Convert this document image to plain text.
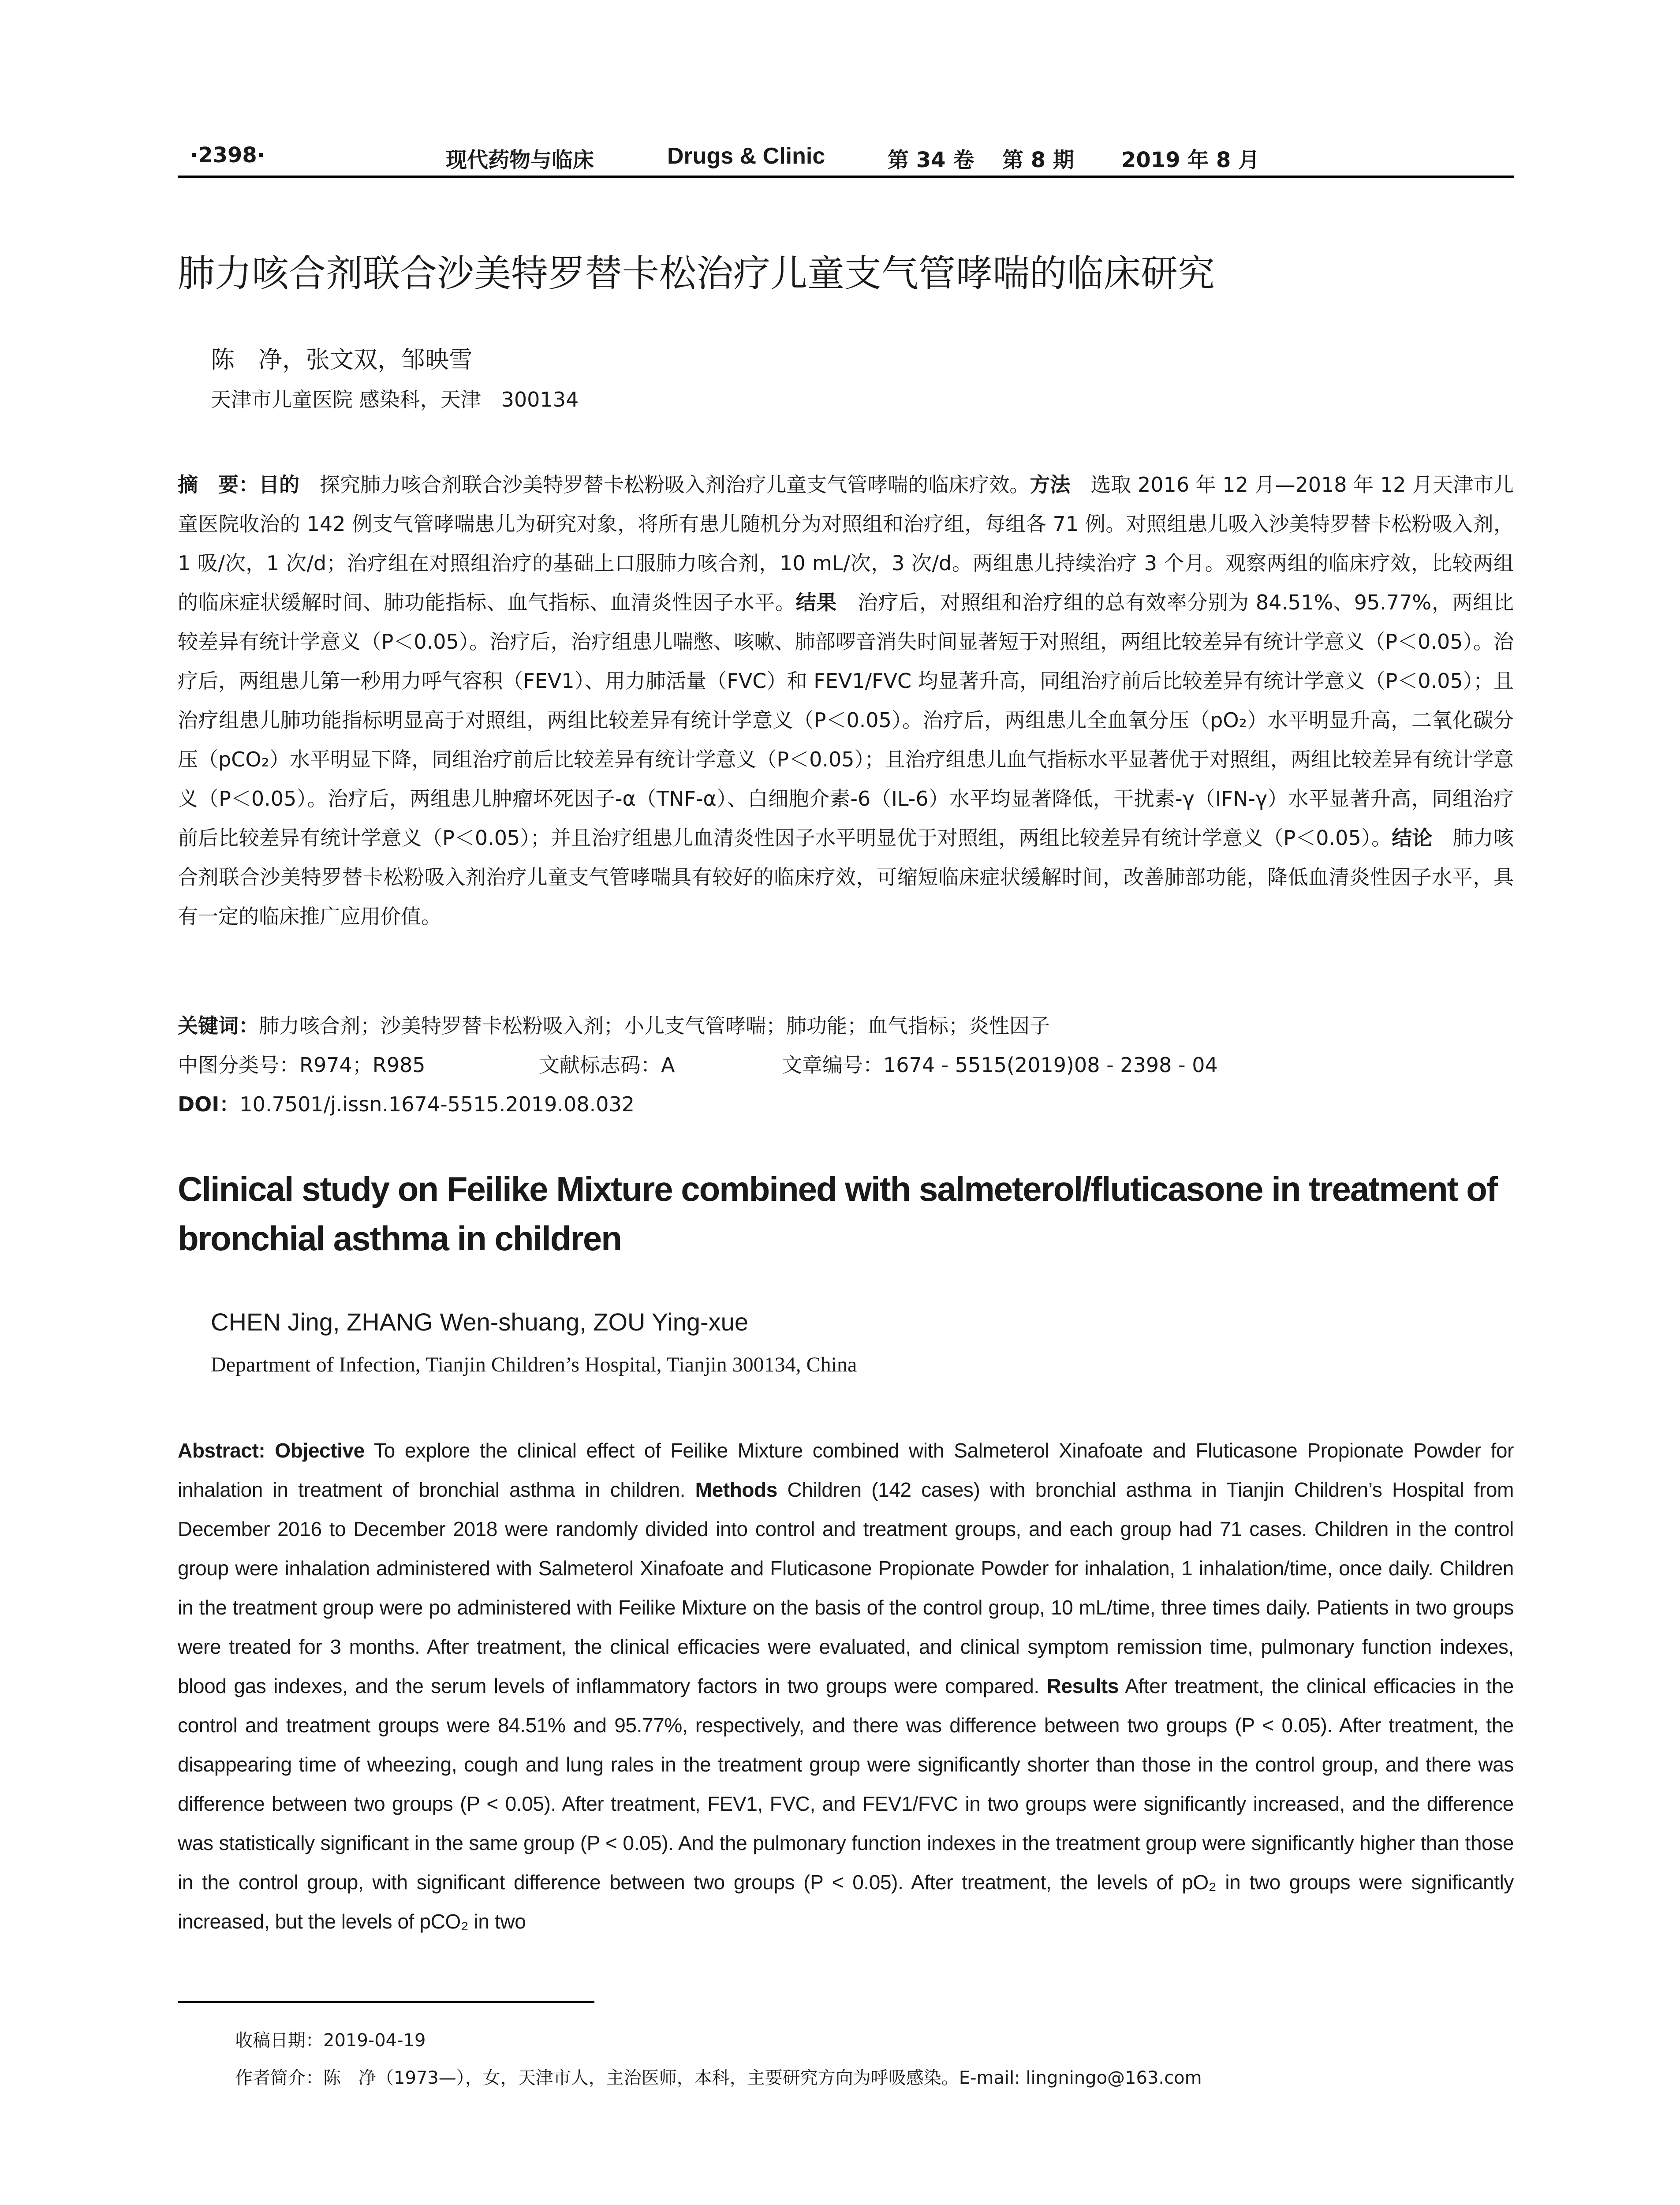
·2398·	现代药物与临床	Drugs & Clinic	第 34 卷 第 8 期 2019 年 8 月
肺力咳合剂联合沙美特罗替卡松治疗儿童支气管哮喘的临床研究
陈　净，张文双，邹映雪
天津市儿童医院 感染科，天津　300134

摘　要：目的　探究肺力咳合剂联合沙美特罗替卡松粉吸入剂治疗儿童支气管哮喘的临床疗效。方法　选取 2016 年 12 月—2018 年 12 月天津市儿童医院收治的 142 例支气管哮喘患儿为研究对象，将所有患儿随机分为对照组和治疗组，每组各 71 例。对照组患儿吸入沙美特罗替卡松粉吸入剂，1 吸/次，1 次/d；治疗组在对照组治疗的基础上口服肺力咳合剂，10 mL/次，3 次/d。两组患儿持续治疗 3 个月。观察两组的临床疗效，比较两组的临床症状缓解时间、肺功能指标、血气指标、血清炎性因子水平。结果　治疗后，对照组和治疗组的总有效率分别为 84.51%、95.77%，两组比较差异有统计学意义（P＜0.05）。治疗后，治疗组患儿喘憋、咳嗽、肺部啰音消失时间显著短于对照组，两组比较差异有统计学意义（P＜0.05）。治疗后，两组患儿第一秒用力呼气容积（FEV1）、用力肺活量（FVC）和 FEV1/FVC 均显著升高，同组治疗前后比较差异有统计学意义（P＜0.05）；且治疗组患儿肺功能指标明显高于对照组，两组比较差异有统计学意义（P＜0.05）。治疗后，两组患儿全血氧分压（pO₂）水平明显升高，二氧化碳分压（pCO₂）水平明显下降，同组治疗前后比较差异有统计学意义（P＜0.05）；且治疗组患儿血气指标水平显著优于对照组，两组比较差异有统计学意义（P＜0.05）。治疗后，两组患儿肿瘤坏死因子-α（TNF-α）、白细胞介素-6（IL-6）水平均显著降低，干扰素-γ（IFN-γ）水平显著升高，同组治疗前后比较差异有统计学意义（P＜0.05）；并且治疗组患儿血清炎性因子水平明显优于对照组，两组比较差异有统计学意义（P＜0.05）。结论　肺力咳合剂联合沙美特罗替卡松粉吸入剂治疗儿童支气管哮喘具有较好的临床疗效，可缩短临床症状缓解时间，改善肺部功能，降低血清炎性因子水平，具有一定的临床推广应用价值。

关键词：肺力咳合剂；沙美特罗替卡松粉吸入剂；小儿支气管哮喘；肺功能；血气指标；炎性因子

中图分类号：R974；R985

	文献标志码：A

	文章编号：1674 - 5515(2019)08 - 2398 - 04

DOI：10.7501/j.issn.1674-5515.2019.08.032
Clinical study on Feilike Mixture combined with salmeterol/fluticasone in treatment of bronchial asthma in children
CHEN Jing, ZHANG Wen-shuang, ZOU Ying-xue
Department of Infection, Tianjin Children’s Hospital, Tianjin 300134, China

Abstract: Objective To explore the clinical effect of Feilike Mixture combined with Salmeterol Xinafoate and Fluticasone Propionate Powder for inhalation in treatment of bronchial asthma in children. Methods Children (142 cases) with bronchial asthma in Tianjin Children’s Hospital from December 2016 to December 2018 were randomly divided into control and treatment groups, and each group had 71 cases. Children in the control group were inhalation administered with Salmeterol Xinafoate and Fluticasone Propionate Powder for inhalation, 1 inhalation/time, once daily. Children in the treatment group were po administered with Feilike Mixture on the basis of the control group, 10 mL/time, three times daily. Patients in two groups were treated for 3 months. After treatment, the clinical efficacies were evaluated, and clinical symptom remission time, pulmonary function indexes, blood gas indexes, and the serum levels of inflammatory factors in two groups were compared. Results After treatment, the clinical efficacies in the control and treatment groups were 84.51% and 95.77%, respectively, and there was difference between two groups (P < 0.05). After treatment, the disappearing time of wheezing, cough and lung rales in the treatment group were significantly shorter than those in the control group, and there was difference between two groups (P < 0.05). After treatment, FEV1, FVC, and FEV1/FVC in two groups were significantly increased, and the difference was statistically significant in the same group (P < 0.05). And the pulmonary function indexes in the treatment group were significantly higher than those in the control group, with significant difference between two groups (P < 0.05). After treatment, the levels of pO₂ in two groups were significantly increased, but the levels of pCO₂ in two

收稿日期：2019-04-19
作者简介：陈　净（1973—），女，天津市人，主治医师，本科，主要研究方向为呼吸感染。E-mail: lingningo@163.com
